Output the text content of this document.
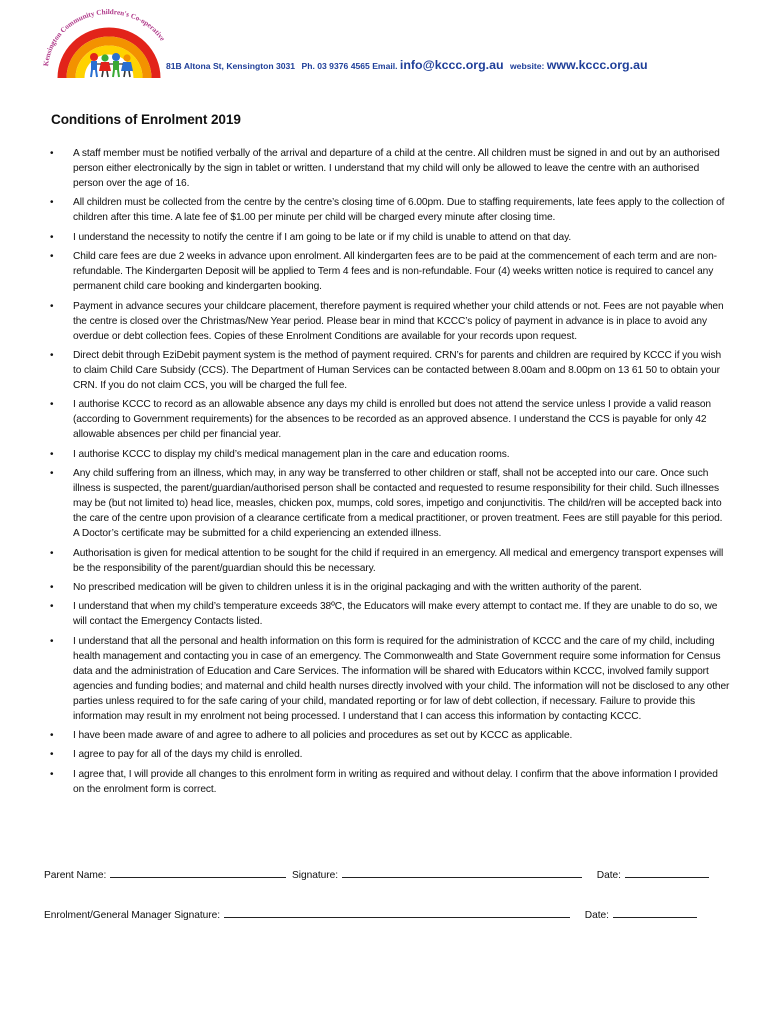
Kensington Community Children's Co-operative
81B Altona St, Kensington 3031 Ph. 03 9376 4565 Email. info@kccc.org.au website: www.kccc.org.au
Conditions of Enrolment 2019
• A staff member must be notified verbally of the arrival and departure of a child at the centre. All children must be signed in and out by an authorised person either electronically by the sign in tablet or written. I understand that my child will only be allowed to leave the centre with an authorised person over the age of 16.
• All children must be collected from the centre by the centre’s closing time of 6.00pm. Due to staffing requirements, late fees apply to the collection of children after this time. A late fee of $1.00 per minute per child will be charged every minute after closing time.
• I understand the necessity to notify the centre if I am going to be late or if my child is unable to attend on that day.
• Child care fees are due 2 weeks in advance upon enrolment. All kindergarten fees are to be paid at the commencement of each term and are non-refundable. The Kindergarten Deposit will be applied to Term 4 fees and is non-refundable. Four (4) weeks written notice is required to cancel any permanent child care booking and kindergarten booking.
• Payment in advance secures your childcare placement, therefore payment is required whether your child attends or not. Fees are not payable when the centre is closed over the Christmas/New Year period. Please bear in mind that KCCC’s policy of payment in advance is in place to avoid any overdue or debt collection fees. Copies of these Enrolment Conditions are available for your records upon request.
• Direct debit through EziDebit payment system is the method of payment required. CRN’s for parents and children are required by KCCC if you wish to claim Child Care Subsidy (CCS). The Department of Human Services can be contacted between 8.00am and 8.00pm on 13 61 50 to obtain your CRN. If you do not claim CCS, you will be charged the full fee.
• I authorise KCCC to record as an allowable absence any days my child is enrolled but does not attend the service unless I provide a valid reason (according to Government requirements) for the absences to be recorded as an approved absence. I understand the CCS is payable for only 42 allowable absences per child per financial year.
• I authorise KCCC to display my child’s medical management plan in the care and education rooms.
• Any child suffering from an illness, which may, in any way be transferred to other children or staff, shall not be accepted into our care. Once such illness is suspected, the parent/guardian/authorised person shall be contacted and requested to resume responsibility for their child. Such illnesses may be (but not limited to) head lice, measles, chicken pox, mumps, cold sores, impetigo and conjunctivitis. The child/ren will be accepted back into the care of the centre upon provision of a clearance certificate from a medical practitioner, or proven treatment. Fees are still payable for this period. A Doctor’s certificate may be submitted for a child experiencing an extended illness.
• Authorisation is given for medical attention to be sought for the child if required in an emergency. All medical and emergency transport expenses will be the responsibility of the parent/guardian should this be necessary.
• No prescribed medication will be given to children unless it is in the original packaging and with the written authority of the parent.
• I understand that when my child’s temperature exceeds 38ºC, the Educators will make every attempt to contact me. If they are unable to do so, we will contact the Emergency Contacts listed.
• I understand that all the personal and health information on this form is required for the administration of KCCC and the care of my child, including health management and contacting you in case of an emergency. The Commonwealth and State Government require some information for Census data and the administration of Education and Care Services. The information will be shared with Educators within KCCC, involved family support agencies and funding bodies; and maternal and child health nurses directly involved with your child. The information will not be disclosed to any other parties unless required to for the safe caring of your child, mandated reporting or for law of debt collection, if necessary. Failure to provide this information may result in my enrolment not being processed. I understand that I can access this information by contacting KCCC.
• I have been made aware of and agree to adhere to all policies and procedures as set out by KCCC as applicable.
• I agree to pay for all of the days my child is enrolled.
• I agree that, I will provide all changes to this enrolment form in writing as required and without delay. I confirm that the above information I provided on the enrolment form is correct.
Parent Name:	Signature:	Date:
Enrolment/General Manager Signature:	Date:
